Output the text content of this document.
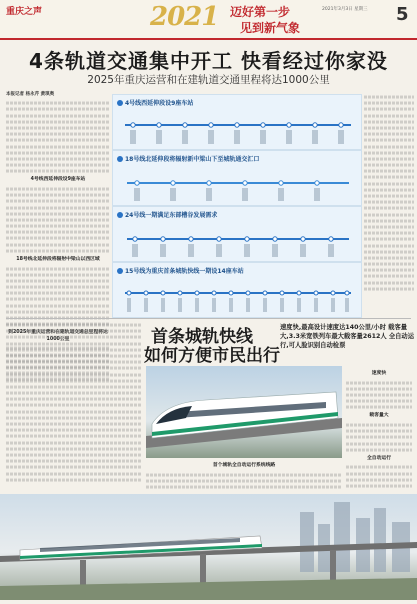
重庆之声	2021 迈好第一步
见到新气象
2021年3月3日 星期三 5
4条轨道交通集中开工 快看经过你家没
2025年重庆运营和在建轨道交通里程将达1000公里

本报记者 杨永芹 黄琪奥

4号线西延伸段设9座车站

18号线北延伸段将辐射中梁山以西区域

到2025年重庆运营和在建轨道交通总里程将达1000公里

4号线西延伸段设9座车站
18号线北延伸段将辐射新中梁山下至城轨通交汇口
24号线一期满足东部槽谷发展需求
15号线为重庆首条城轨快线一期设14座车站
首条城轨快线
如何方便市民出行
速度快,最高设计速度达140公里/小时 载客量大,3.3米宽铁列车最大载客量2612人 全自动运行,可人脸识别自动检票

速度快

载客量大

全自动运行

首个城轨全自动运行系统线路
